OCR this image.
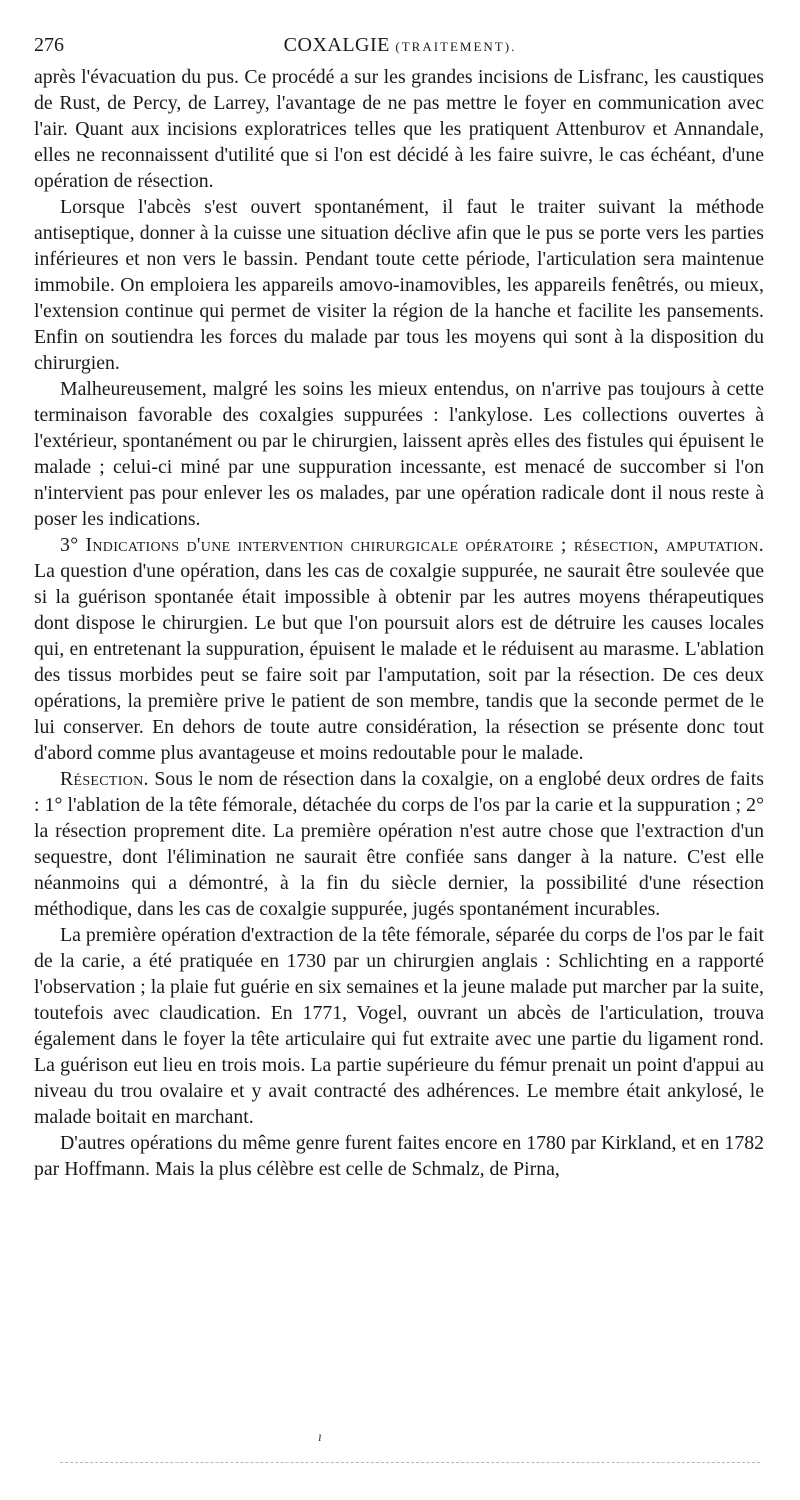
276	COXALGIE (TRAITEMENT).

après l'évacuation du pus. Ce procédé a sur les grandes incisions de Lisfranc, les caustiques de Rust, de Percy, de Larrey, l'avantage de ne pas mettre le foyer en communication avec l'air. Quant aux incisions exploratrices telles que les pratiquent Attenburov et Annandale, elles ne reconnaissent d'utilité que si l'on est décidé à les faire suivre, le cas échéant, d'une opération de résection.

Lorsque l'abcès s'est ouvert spontanément, il faut le traiter suivant la méthode antiseptique, donner à la cuisse une situation déclive afin que le pus se porte vers les parties inférieures et non vers le bassin. Pendant toute cette période, l'articulation sera maintenue immobile. On emploiera les appareils amovo-inamovibles, les appareils fenêtrés, ou mieux, l'extension continue qui permet de visiter la région de la hanche et facilite les pansements. Enfin on soutiendra les forces du malade par tous les moyens qui sont à la disposition du chirurgien.

Malheureusement, malgré les soins les mieux entendus, on n'arrive pas toujours à cette terminaison favorable des coxalgies suppurées : l'ankylose. Les collections ouvertes à l'extérieur, spontanément ou par le chirurgien, laissent après elles des fistules qui épuisent le malade ; celui-ci miné par une suppuration incessante, est menacé de succomber si l'on n'intervient pas pour enlever les os malades, par une opération radicale dont il nous reste à poser les indications.

3° Indications d'une intervention chirurgicale opératoire ; résection, amputation. La question d'une opération, dans les cas de coxalgie suppurée, ne saurait être soulevée que si la guérison spontanée était impossible à obtenir par les autres moyens thérapeutiques dont dispose le chirurgien. Le but que l'on poursuit alors est de détruire les causes locales qui, en entretenant la suppuration, épuisent le malade et le réduisent au marasme. L'ablation des tissus morbides peut se faire soit par l'amputation, soit par la résection. De ces deux opérations, la première prive le patient de son membre, tandis que la seconde permet de le lui conserver. En dehors de toute autre considération, la résection se présente donc tout d'abord comme plus avantageuse et moins redoutable pour le malade.

Résection. Sous le nom de résection dans la coxalgie, on a englobé deux ordres de faits : 1° l'ablation de la tête fémorale, détachée du corps de l'os par la carie et la suppuration ; 2° la résection proprement dite. La première opération n'est autre chose que l'extraction d'un sequestre, dont l'élimination ne saurait être confiée sans danger à la nature. C'est elle néanmoins qui a démontré, à la fin du siècle dernier, la possibilité d'une résection méthodique, dans les cas de coxalgie suppurée, jugés spontanément incurables.

La première opération d'extraction de la tête fémorale, séparée du corps de l'os par le fait de la carie, a été pratiquée en 1730 par un chirurgien anglais : Schlichting en a rapporté l'observation ; la plaie fut guérie en six semaines et la jeune malade put marcher par la suite, toutefois avec claudication. En 1771, Vogel, ouvrant un abcès de l'articulation, trouva également dans le foyer la tête articulaire qui fut extraite avec une partie du ligament rond. La guérison eut lieu en trois mois. La partie supérieure du fémur prenait un point d'appui au niveau du trou ovalaire et y avait contracté des adhérences. Le membre était ankylosé, le malade boitait en marchant.

D'autres opérations du même genre furent faites encore en 1780 par Kirkland, et en 1782 par Hoffmann. Mais la plus célèbre est celle de Schmalz, de Pirna,

ı
